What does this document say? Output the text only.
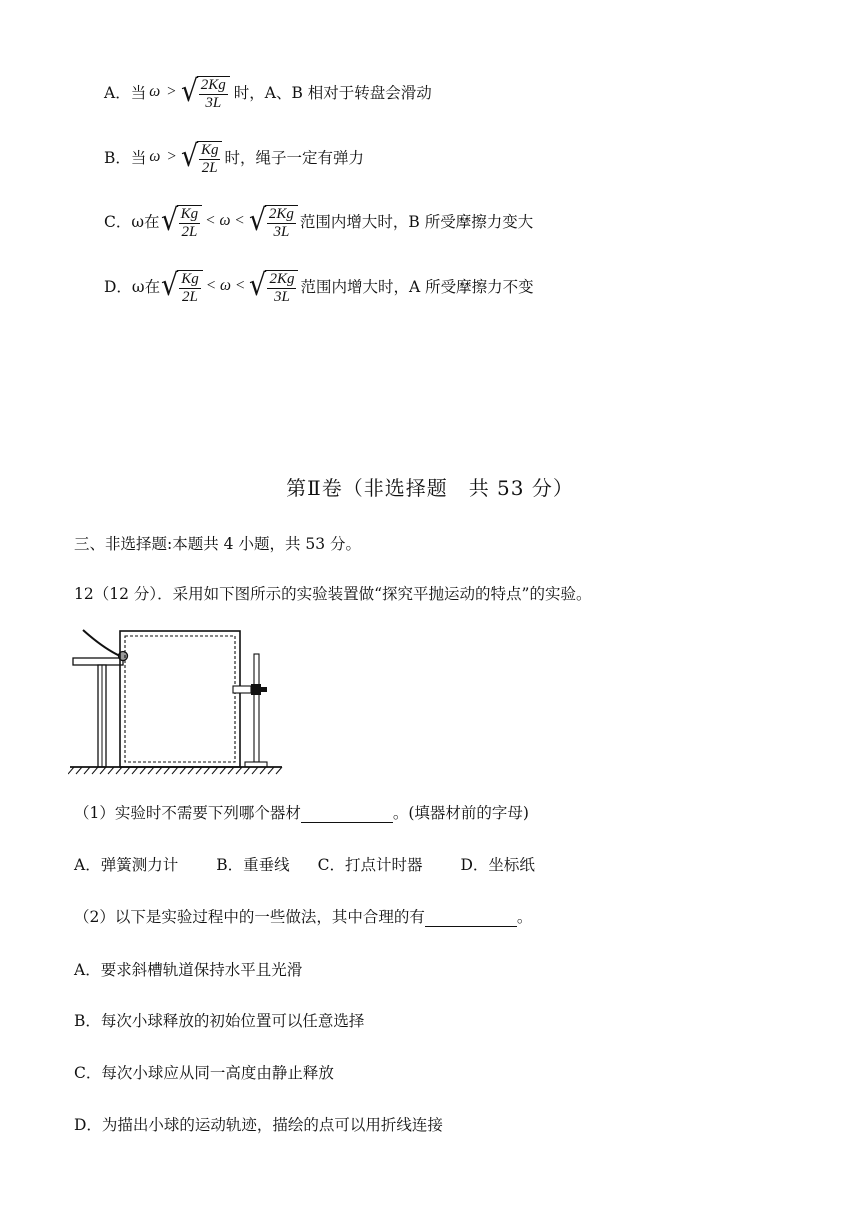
A．当 ω > √
$\frac{2Kg}{3L}$ 时，A、B 相对于转盘会滑动
B．当 ω > √
$\frac{Kg}{2L}$ 时，绳子一定有弹力
C．ω在 √
$\frac{Kg}{2L} < \omega$ < √
$\frac{2Kg}{3L}$ 范围内增大时，B 所受摩擦力变大
D．ω在 √
$\frac{Kg}{2L} < \omega$ < √
$\frac{2Kg}{3L}$ 范围内增大时，A 所受摩擦力不变
第Ⅱ卷（非选择题　共 53 分）
三、非选择题:本题共 4 小题，共 53 分。
12（12 分）．采用如下图所示的实验装置做“探究平抛运动的特点”的实验。
（1）实验时不需要下列哪个器材	。(填器材前的字母)
A．弹簧测力计 B．重垂线 C．打点计时器 D．坐标纸
（2）以下是实验过程中的一些做法，其中合理的有	。
A．要求斜槽轨道保持水平且光滑
B．每次小球释放的初始位置可以任意选择
C．每次小球应从同一高度由静止释放
D．为描出小球的运动轨迹，描绘的点可以用折线连接
